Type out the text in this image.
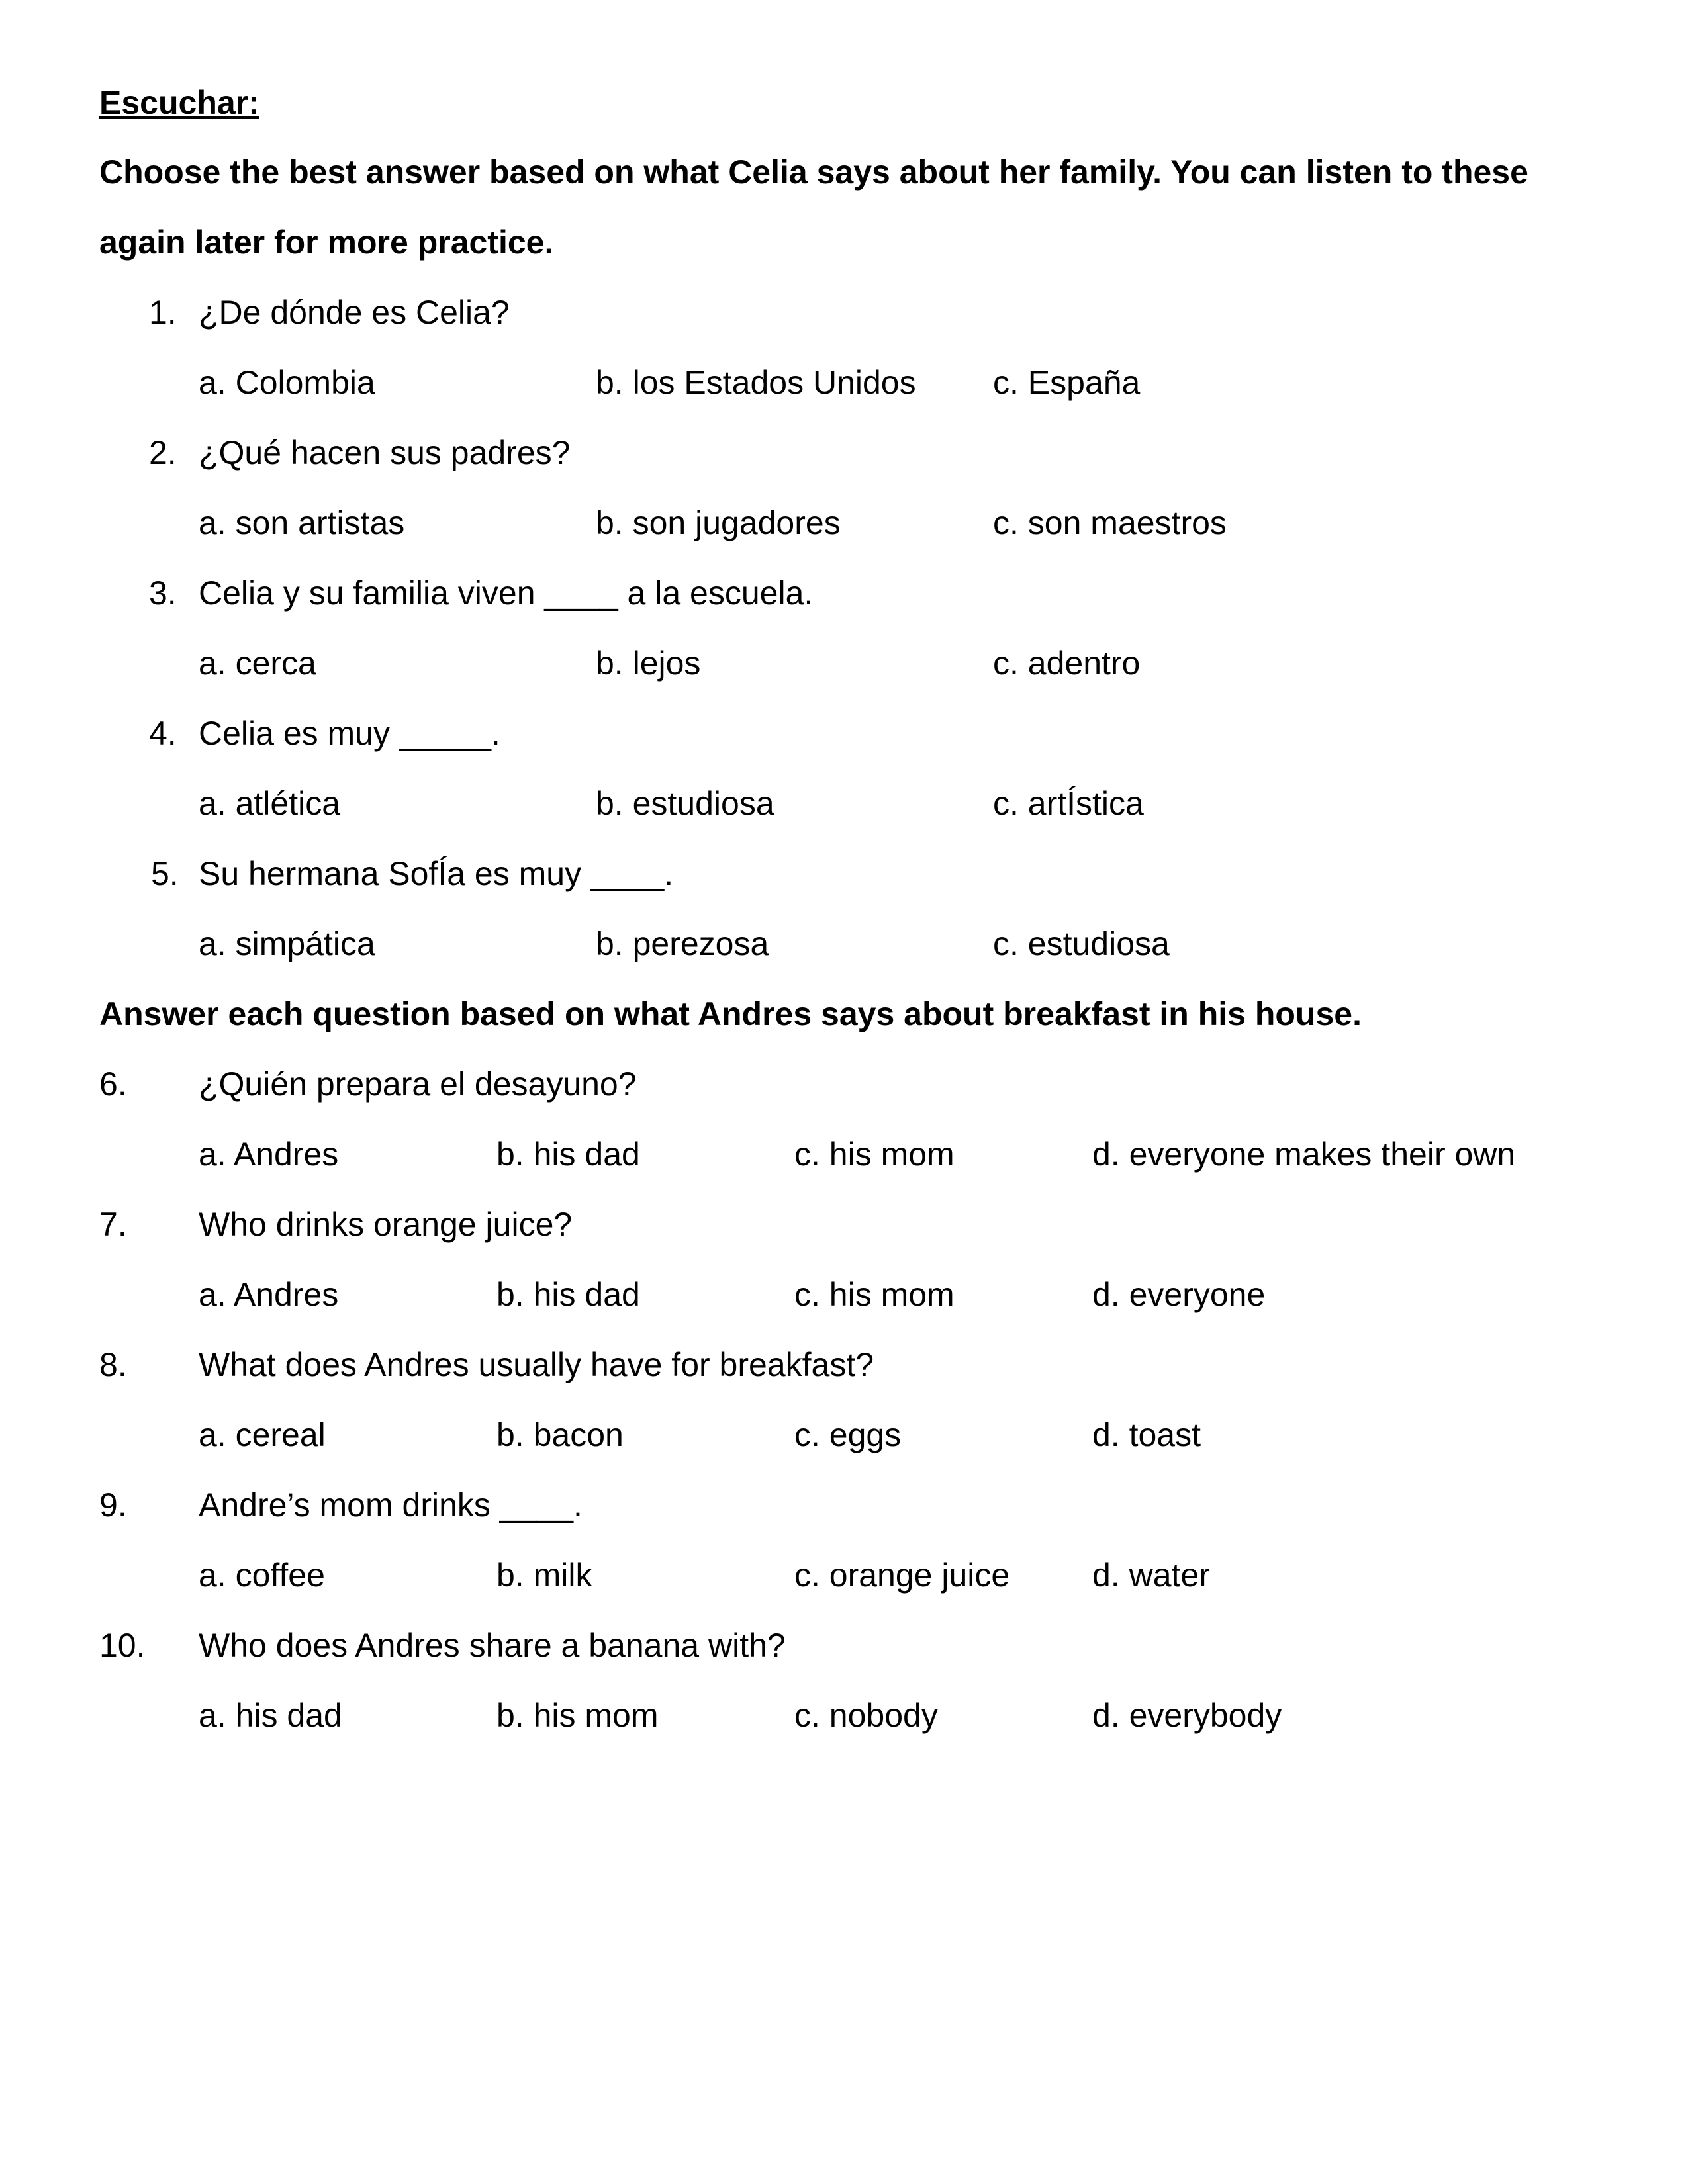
Escuchar:
Choose the best answer based on what Celia says about her family. You can listen to these
again later for more practice.
1. ¿De dónde es Celia?
a. Colombia	b. los Estados Unidos c. España
2. ¿Qué hacen sus padres?
a. son artistas	b. son jugadores	c. son maestros
3. Celia y su familia viven ____ a la escuela.
a. cerca	b. lejos	c. adentro
4. Celia es muy _____.
a. atlética	b. estudiosa	c. artÍstica
5. Su hermana SofÍa es muy ____.
a. simpática	b. perezosa	c. estudiosa
Answer each question based on what Andres says about breakfast in his house.
6. ¿Quién prepara el desayuno?
a. Andres	b. his dad	c. his mom	d. everyone makes their own
7. Who drinks orange juice?
a. Andres	b. his dad	c. his mom	d. everyone
8. What does Andres usually have for breakfast?
a. cereal	b. bacon	c. eggs	d. toast
9. Andre’s mom drinks ____.
a. coffee	b. milk	c. orange juice d. water
10. Who does Andres share a banana with?
a. his dad	b. his mom	c. nobody	d. everybody
